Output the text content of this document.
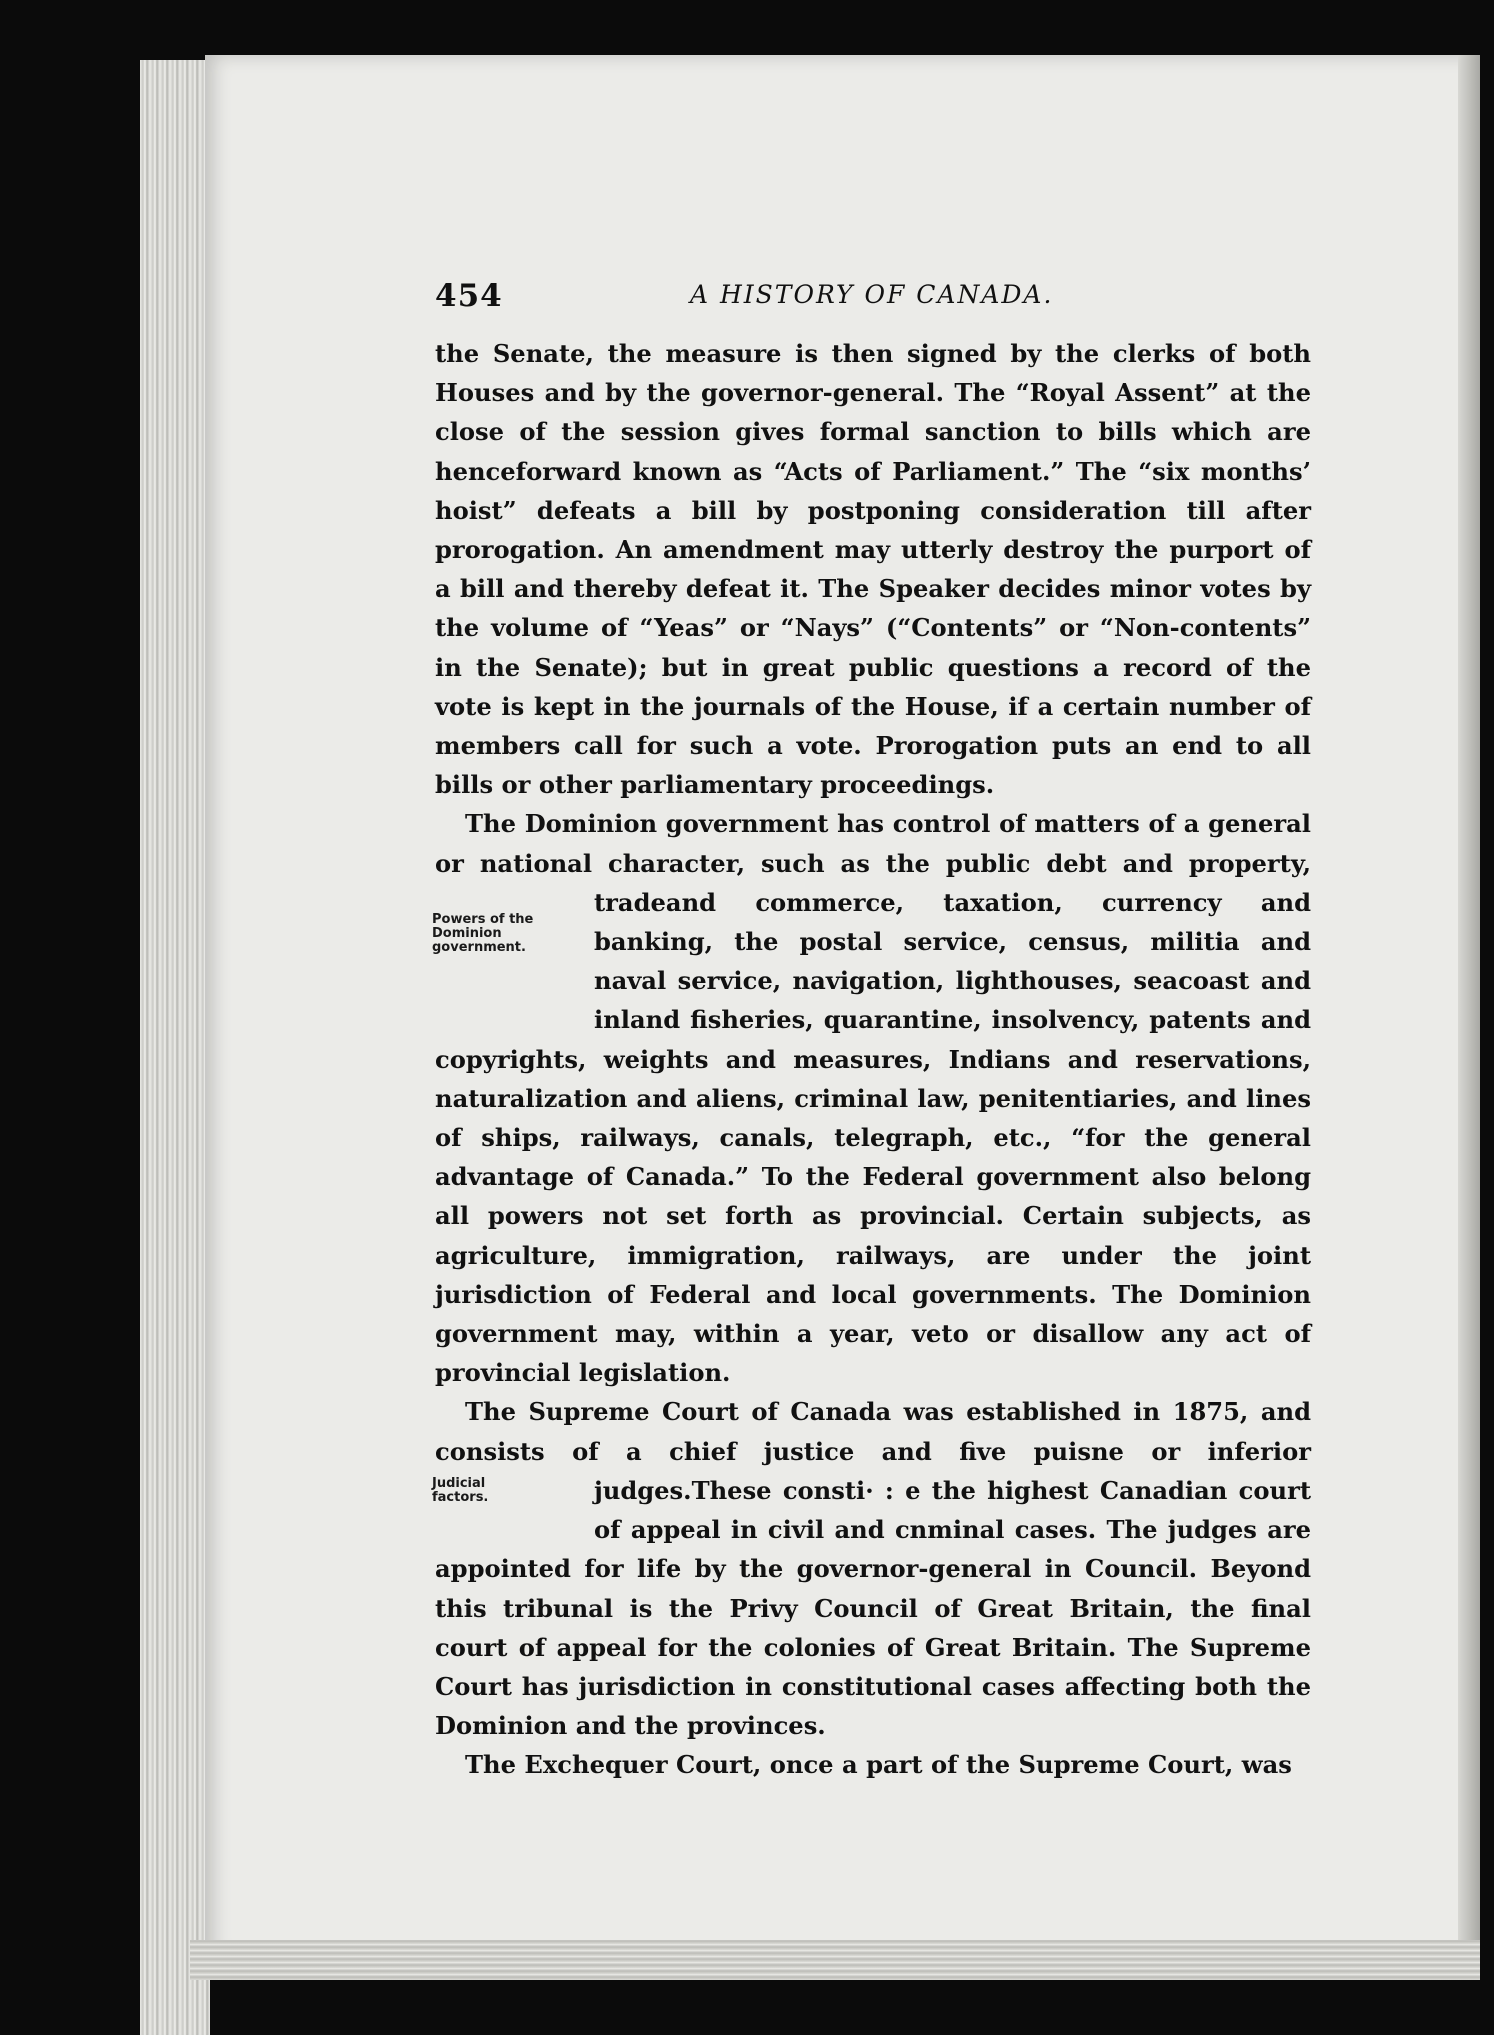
454	A HISTORY OF CANADA.

the Senate, the measure is then signed by the clerks of both Houses and by the governor-general. The “Royal Assent” at the close of the session gives formal sanction to bills which are henceforward known as “Acts of Parliament.” The “six months’ hoist” defeats a bill by postponing consideration till after prorogation. An amendment may utterly destroy the purport of a bill and thereby defeat it. The Speaker decides minor votes by the volume of “Yeas” or “Nays” (“Contents” or “Non-contents” in the Senate); but in great public questions a record of the vote is kept in the journals of the House, if a certain number of members call for such a vote. Prorogation puts an end to all bills or other parliamentary proceedings.

The Dominion government has control of matters of a general or national character, such as the public debt and property, trade
Powers of the
Dominion
government.
and commerce, taxation, currency and banking, the postal service, census, militia and naval service, navigation, lighthouses, seacoast and inland fisheries, quarantine, insolvency, patents and copyrights, weights and measures, Indians and reservations, naturalization and aliens, criminal law, penitentiaries, and lines of ships, railways, canals, telegraph, etc., “for the general advantage of Canada.” To the Federal government also belong all powers not set forth as provincial. Certain subjects, as agriculture, immigration, railways, are under the joint jurisdiction of Federal and local governments. The Dominion government may, within a year, veto or disallow any act of provincial legislation.

The Supreme Court of Canada was established in 1875, and consists of a chief justice and five puisne or inferior judges.
Judicial
factors.	These consti· : e the highest Canadian court of appeal in civil and cnminal cases. The judges are appointed for life by the governor-general in Council. Beyond this tribunal is the Privy Council of Great Britain, the final court of appeal for the colonies of Great Britain. The Supreme Court has jurisdiction in constitutional cases affecting both the Dominion and the provinces.

The Exchequer Court, once a part of the Supreme Court, was
